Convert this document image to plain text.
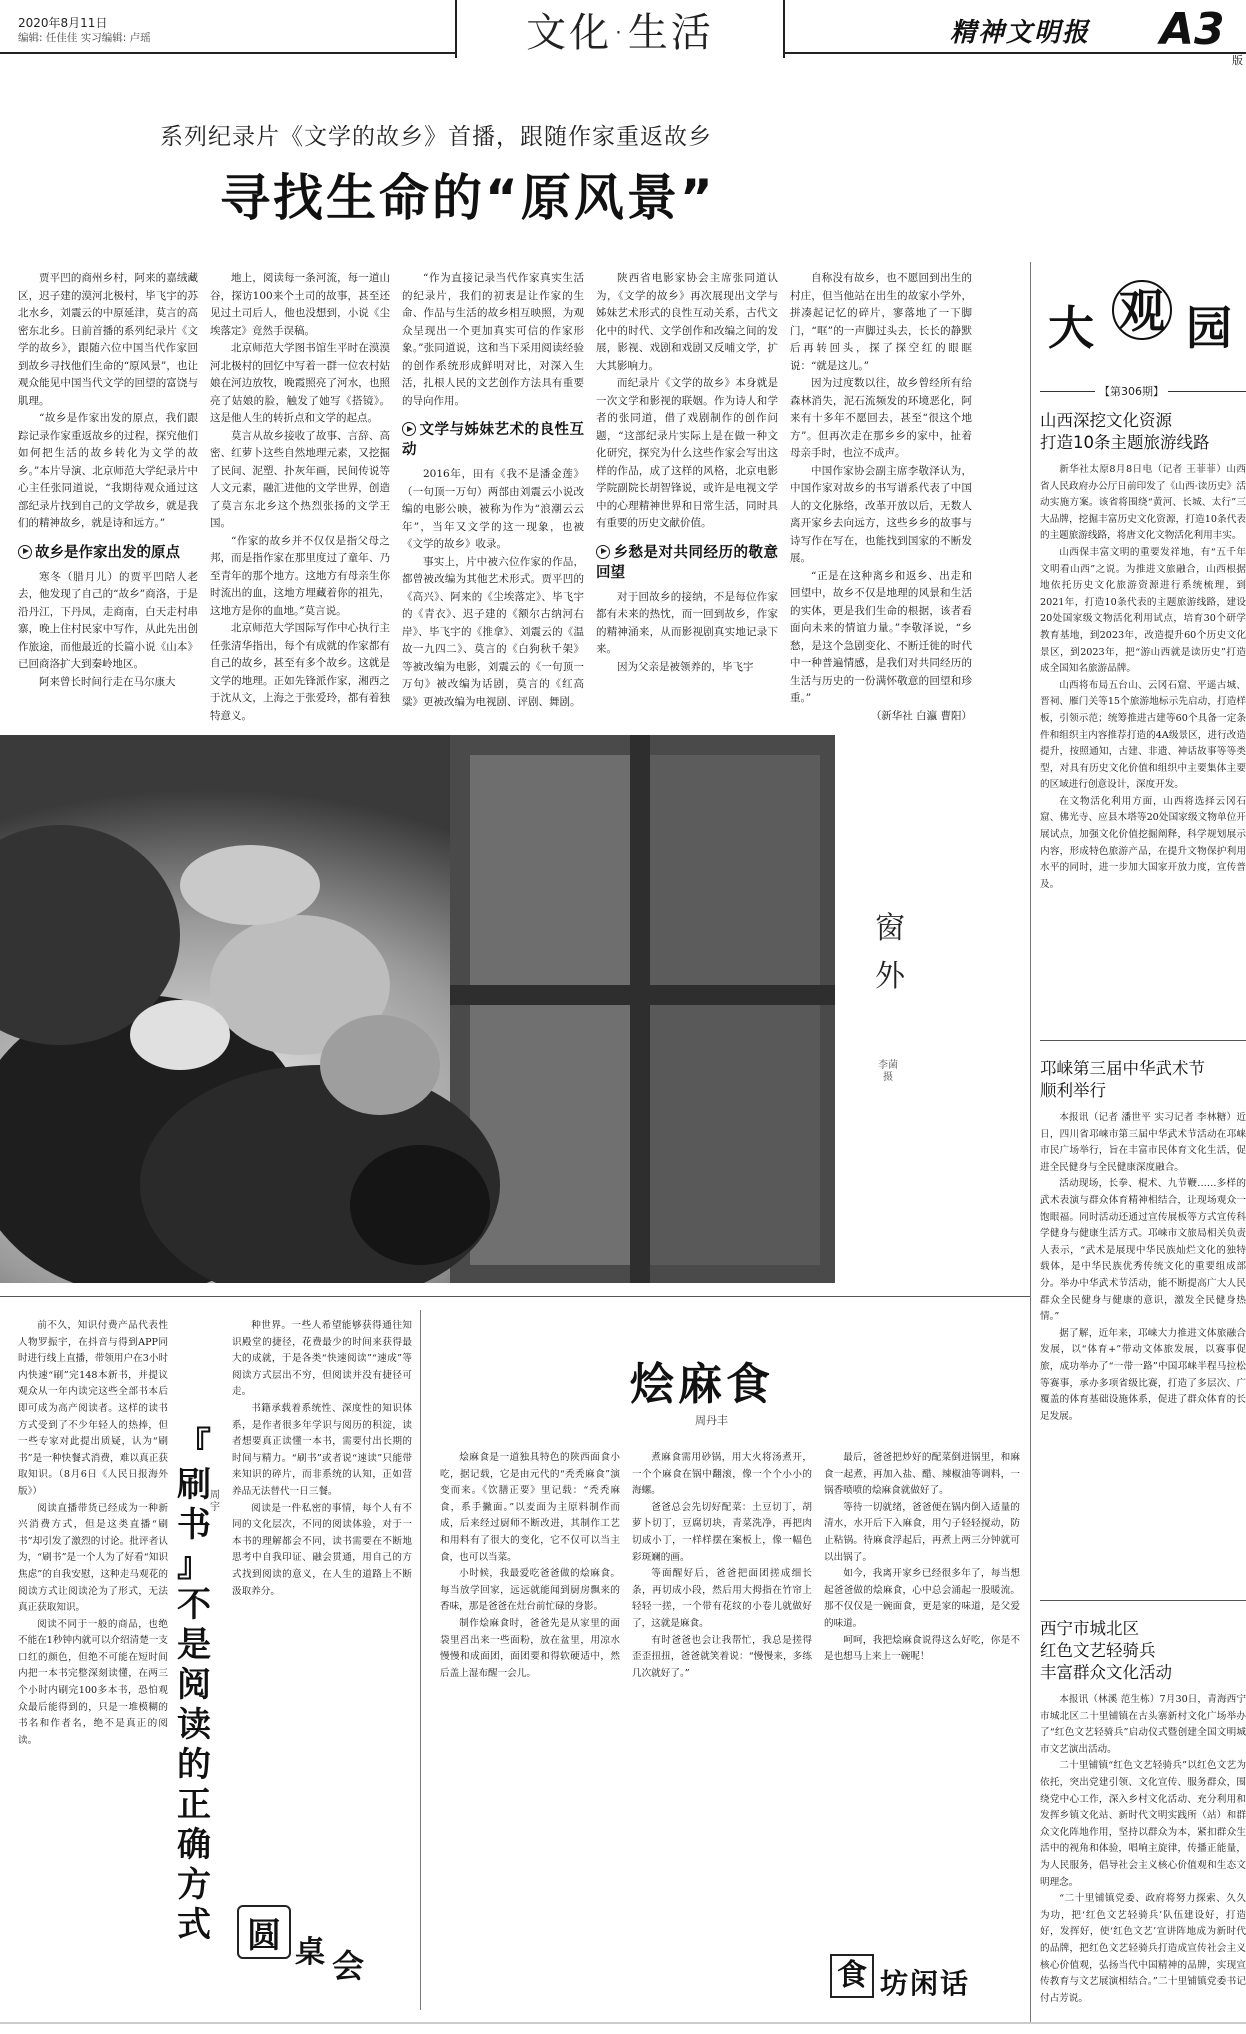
2020年8月11日
编辑: 任佳佳 实习编辑: 卢瑶	文化·生活	精神文明报 A3
版
系列纪录片《文学的故乡》首播，跟随作家重返故乡
寻找生命的“原风景”

贾平凹的商州乡村，阿来的嘉绒藏区，迟子建的漠河北极村，毕飞宇的苏北水乡，刘震云的中原延津，莫言的高密东北乡。日前首播的系列纪录片《文学的故乡》，跟随六位中国当代作家回到故乡寻找他们生命的“原风景”，也让观众能见中国当代文学的回望的富饶与肌理。

“故乡是作家出发的原点，我们跟踪记录作家重返故乡的过程，探究他们如何把生活的故乡转化为文学的故乡。”本片导演、北京师范大学纪录片中心主任张同道说，“我期待观众通过这部纪录片找到自己的文学故乡，就是我们的精神故乡，就是诗和远方。”

故乡是作家出发的原点

寒冬（腊月儿）的贾平凹陪人老去，他发现了自己的“故乡”商洛，于是沿丹江，下丹凤，走商南，白天走村串寨，晚上住村民家中写作，从此先出创作旅途，而他最近的长篇小说《山本》已回商洛扩大到秦岭地区。

阿来曾长时间行走在马尔康大

地上，阅读每一条河流，每一道山谷，探访100来个土司的故事，甚至还见过土司后人，他也没想到，小说《尘埃落定》竟然手误稿。

北京师范大学图书馆生平时在漠漠河北极村的回忆中写着一群一位农村姑娘在河边放牧，晚霞照亮了河水，也照亮了姑娘的脸，触发了她写《搭镜》。这是他人生的转折点和文学的起点。

莫言从故乡接收了故事、言辞、高密、红萝卜这些自然地理元素，又挖掘了民间、泥塑、扑灰年画，民间传说等人文元素，融汇进他的文学世界，创造了莫言东北乡这个热烈张扬的文学王国。

“作家的故乡并不仅仅是指父母之邦，而是指作家在那里度过了童年、乃至青年的那个地方。这地方有母亲生你时流出的血，这地方埋藏着你的祖先，这地方是你的血地。”莫言说。

北京师范大学国际写作中心执行主任张清华指出，每个有成就的作家都有自己的故乡，甚至有多个故乡。这就是文学的地理。正如先锋派作家，湘西之于沈从文，上海之于张爱玲，都有着独特意义。

“作为直接记录当代作家真实生活的纪录片，我们的初衷是让作家的生命、作品与生活的故乡相互映照，为观众呈现出一个更加真实可信的作家形象。”张同道说，这和当下采用阅读经验的创作系统形成鲜明对比，对深入生活，扎根人民的文艺创作方法具有重要的导向作用。

文学与姊妹艺术的良性互动

2016年，田有《我不是潘金莲》（一句顶一万句）两部由刘震云小说改编的电影公映，被称为作为“浪潮云云年”，当年又文学的这一现象，也被《文学的故乡》收录。

事实上，片中被六位作家的作品，都曾被改编为其他艺术形式。贾平凹的《高兴》、阿来的《尘埃落定》、毕飞宇的《青衣》、迟子建的《额尔古纳河右岸》、毕飞宇的《推拿》、刘震云的《温故一九四二》、莫言的《白狗秋千架》等被改编为电影，刘震云的《一句顶一万句》被改编为话剧，莫言的《红高粱》更被改编为电视剧、评剧、舞剧。

陕西省电影家协会主席张同道认为，《文学的故乡》再次展现出文学与姊妹艺术形式的良性互动关系，古代文化中的时代、文学创作和改编之间的发展，影视、戏剧和戏剧又反哺文学，扩大其影响力。

而纪录片《文学的故乡》本身就是一次文学和影视的联姻。作为诗人和学者的张同道，借了戏剧制作的创作问题，“这部纪录片实际上是在做一种文化研究，探究为什么这些作家会写出这样的作品，成了这样的风格，北京电影学院副院长胡智锋说，或许是电视文学中的心理精神世界和日常生活，同时具有重要的历史文献价值。

乡愁是对共同经历的敬意回望

对于回故乡的接纳，不是每位作家都有未来的热忱，而一回到故乡，作家的精神涌来，从而影视剧真实地记录下来。

因为父亲是被领养的，毕飞宇

自称没有故乡，也不愿回到出生的村庄，但当他站在出生的故家小学外，拼凑起记忆的碎片，寥落地了一下脚门，“哐”的一声脚过头去，长长的静默后再转回头，探了探空红的眼眶说：“就是这儿。”

因为过度数以往，故乡曾经所有给森林消失，泥石流频发的环境恶化，阿来有十多年不愿回去，甚至“很这个地方”。但再次走在那乡乡的家中，扯着母亲手时，也泣不成声。

中国作家协会副主席李敬泽认为，中国作家对故乡的书写谱系代表了中国人的文化脉络，改革开放以后，无数人离开家乡去向远方，这些乡乡的故事与诗写作在写在，也能找到国家的不断发展。

“正是在这种离乡和返乡、出走和回望中，故乡不仅是地理的风景和生活的实体，更是我们生命的根据，该者看面向未来的情谊力量。”李敬泽说，“乡愁，是这个急剧变化、不断迁徙的时代中一种普遍情感，是我们对共同经历的生活与历史的一份满怀敬意的回望和珍重。”

（新华社 白瀛 曹阳）
窗
外
李菌摄
大 观 园
【第306期】
山西深挖文化资源
打造10条主题旅游线路

新华社太原8月8日电（记者 王菲菲）山西省人民政府办公厅日前印发了《山西·读历史》活动实施方案。该省将围绕“黄河、长城、太行”三大品牌，挖掘丰富历史文化资源，打造10条代表的主题旅游线路，将唐文化文物活化利用丰实。

山西保丰富文明的重要发祥地，有“五千年文明看山西”之说。为推进文旅融合，山西根据地依托历史文化旅游资源进行系统梳理，到2021年，打造10条代表的主题旅游线路，建设20处国家级文物活化利用试点，培育30个研学教育基地，到2023年，改造提升60个历史文化景区，到2023年，把“游山西就是读历史”打造成全国知名旅游品牌。

山西将布局五台山、云冈石窟、平遥古城、晋祠、雁门关等15个旅游地标示先启动，打造样板，引领示范；统筹推进古建等60个具备一定条件和组织主内容推荐打造的4A级景区，进行改造提升，按照通知，古建、非遗、神话故事等等类型，对具有历史文化价值和组织中主要集体主要的区域进行创意设计，深度开发。

在文物活化利用方面，山西将选择云冈石窟、佛光寺、应县木塔等20处国家级文物单位开展试点，加强文化价值挖掘阐释，科学规划展示内容，形成特色旅游产品，在提升文物保护利用水平的同时，进一步加大国家开放力度，宣传普及。

邛崃第三届中华武术节
顺利举行

本报讯（记者 潘世平 实习记者 李林糖）近日，四川省邛崃市第三届中华武术节活动在邛崃市民广场举行，旨在丰富市民体育文化生活，促进全民健身与全民健康深度融合。

活动现场，长拳、棍术、九节鞭……多样的武术表演与群众体育精神相结合，让现场观众一饱眼福。同时活动还通过宣传展板等方式宣传科学健身与健康生活方式。邛崃市文旅局相关负责人表示，“武术是展现中华民族灿烂文化的独特载体，是中华民族优秀传统文化的重要组成部分。举办中华武术节活动，能不断提高广大人民群众全民健身与健康的意识，激发全民健身热情。”

据了解，近年来，邛崃大力推进文体旅融合发展，以“体育+”带动文体旅发展，以赛事促旅，成功举办了“一带一路”中国邛崃半程马拉松等赛事，承办多项省级比赛，打造了多层次、广覆盖的体育基础设施体系，促进了群众体育的长足发展。

西宁市城北区
红色文艺轻骑兵
丰富群众文化活动

本报讯（林溪 范生栋）7月30日，青海西宁市城北区二十里铺镇在古头寨新村文化广场举办了“红色文艺轻骑兵”启动仪式暨创建全国文明城市文艺演出活动。

二十里铺镇“红色文艺轻骑兵”以红色文艺为依托，突出党建引领、文化宣传、服务群众，围绕党中心工作，深入乡村文化活动、充分利用和发挥乡镇文化站、新时代文明实践所（站）和群众文化阵地作用，坚持以群众为本，紧扣群众生活中的视角和体验，唱响主旋律，传播正能量，为人民服务，倡导社会主义核心价值观和生态文明理念。

“二十里铺镇党委、政府将努力探索、久久为功，把‘红色文艺轻骑兵’队伍建设好，打造好，发挥好，使‘红色文艺’宣讲阵地成为新时代的品牌，把红色文艺轻骑兵打造成宣传社会主义核心价值观，弘扬当代中国精神的品牌，实现宣传教育与文艺展演相结合。”二十里铺镇党委书记付占芳说。

前不久，知识付费产品代表性人物罗振宇，在抖音与得到APP同时进行线上直播，带领用户在3小时内快速“刷”完148本新书，并提议观众从一年内读完这些全部书本后即可成为高产阅读者。这样的读书方式受到了不少年轻人的热捧，但一些专家对此提出质疑，认为“刷书”是一种快餐式消费，难以真正获取知识。（8月6日《人民日报海外版》）

阅读直播带货已经成为一种新兴消费方式，但是这类直播“刷书”却引发了激烈的讨论。批评者认为，“刷书”是一个人为了好看“知识焦虑”的自我安慰，这种走马观花的阅读方式让阅读沦为了形式，无法真正获取知识。

阅读不同于一般的商品，也绝不能在1秒钟内就可以介绍清楚一支口红的颜色，但绝不可能在短时间内把一本书完整深刻读懂，在两三个小时内刷完100多本书，恐怕观众最后能得到的，只是一堆模糊的书名和作者名，绝不是真正的阅读。

『
刷
书
』
不
是
阅
读
的
正
确
方
式
周宇

种世界。一些人希望能够获得通往知识殿堂的捷径，花费最少的时间来获得最大的成就，于是各类“快速阅读”“速成”等阅读方式层出不穷，但阅读并没有捷径可走。

书籍承载着系统性、深度性的知识体系，是作者很多年学识与阅历的积淀，读者想要真正读懂一本书，需要付出长期的时间与精力。“刷书”或者说“速读”只能带来知识的碎片，而非系统的认知，正如营养品无法替代一日三餐。

阅读是一件私密的事情，每个人有不同的文化层次，不同的阅读体验，对于一本书的理解都会不同，读书需要在不断地思考中自我印证、融会贯通，用自己的方式找到阅读的意义，在人生的道路上不断汲取养分。

圆 桌 会
烩麻食
周丹丰

烩麻食是一道独具特色的陕西面食小吃，据记载，它是由元代的“秃秃麻食”演变而来。《饮膳正要》里记载：“秃秃麻食，系手撇面。”以麦面为主原料制作而成，后来经过厨师不断改进，其制作工艺和用料有了很大的变化，它不仅可以当主食，也可以当菜。

小时候，我最爱吃爸爸做的烩麻食。每当放学回家，远远就能闻到厨房飘来的香味，那是爸爸在灶台前忙碌的身影。

制作烩麻食时，爸爸先是从家里的面袋里舀出来一些面粉，放在盆里，用凉水慢慢和成面团，面团要和得软硬适中，然后盖上湿布醒一会儿。

煮麻食需用砂锅，用大火将汤煮开，一个个麻食在锅中翻滚，像一个个小小的海螺。

爸爸总会先切好配菜：土豆切丁，胡萝卜切丁，豆腐切块，青菜洗净，再把肉切成小丁，一样样摆在案板上，像一幅色彩斑斓的画。

等面醒好后，爸爸把面团搓成细长条，再切成小段，然后用大拇指在竹帘上轻轻一搓，一个带有花纹的小卷儿就做好了，这就是麻食。

有时爸爸也会让我帮忙，我总是搓得歪歪扭扭，爸爸就笑着说：“慢慢来，多练几次就好了。”

最后，爸爸把炒好的配菜倒进锅里，和麻食一起煮，再加入盐、醋、辣椒油等调料，一锅香喷喷的烩麻食就做好了。

等待一切就绪，爸爸便在锅内倒入适量的清水，水开后下入麻食，用勺子轻轻搅动，防止粘锅。待麻食浮起后，再煮上两三分钟就可以出锅了。

如今，我离开家乡已经很多年了，每当想起爸爸做的烩麻食，心中总会涌起一股暖流。那不仅仅是一碗面食，更是家的味道，是父爱的味道。

呵呵，我把烩麻食说得这么好吃，你是不是也想马上来上一碗呢！

食 坊闲话
